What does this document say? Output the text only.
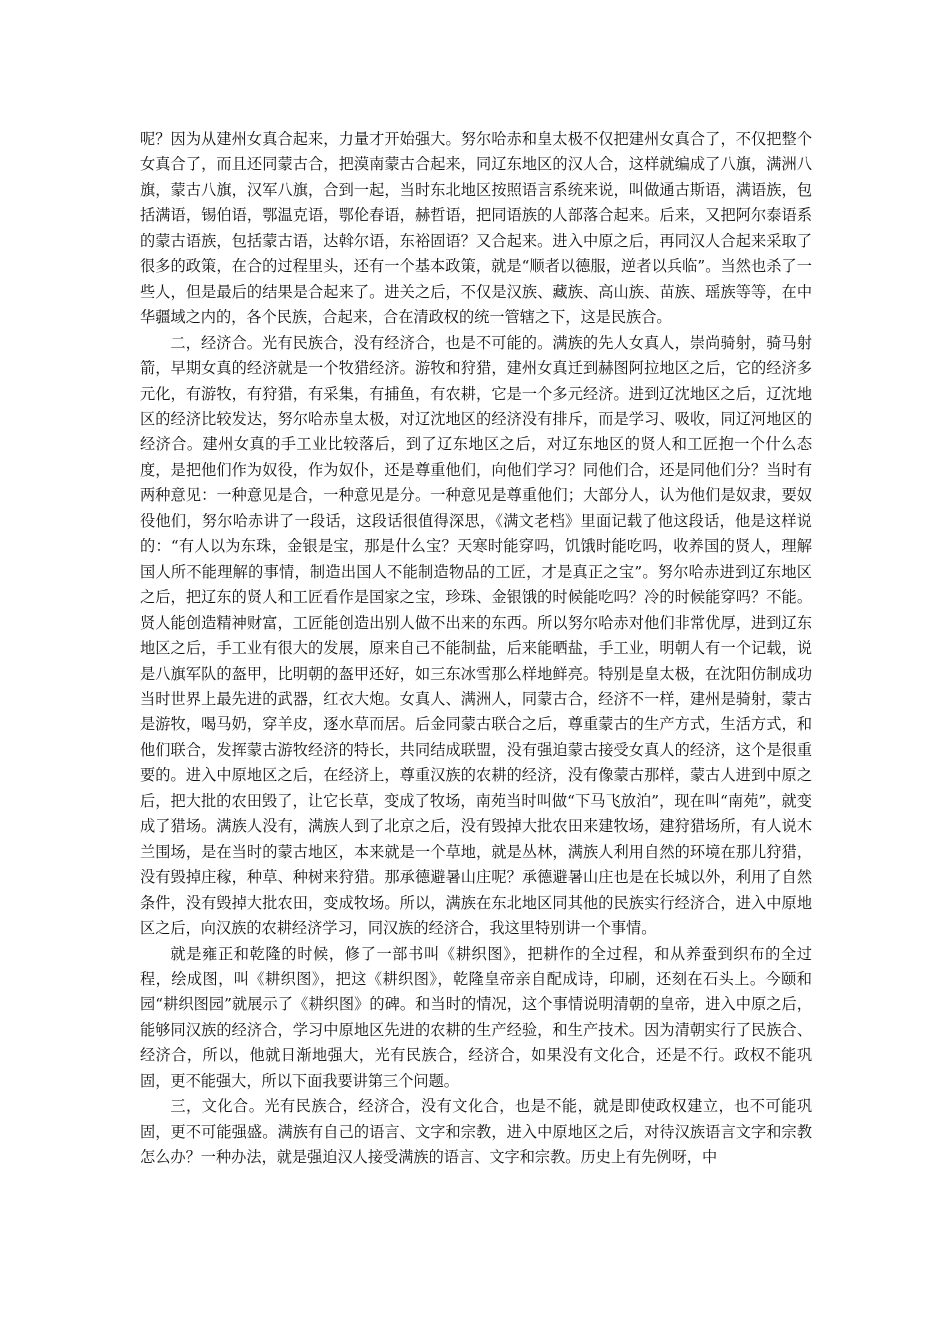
呢？因为从建州女真合起来，力量才开始强大。努尔哈赤和皇太极不仅把建州女真合了，不仅把整个女真合了，而且还同蒙古合，把漠南蒙古合起来，同辽东地区的汉人合，这样就编成了八旗，满洲八旗，蒙古八旗，汉军八旗，合到一起，当时东北地区按照语言系统来说，叫做通古斯语，满语族，包括满语，锡伯语，鄂温克语，鄂伦春语，赫哲语，把同语族的人部落合起来。后来，又把阿尔泰语系的蒙古语族，包括蒙古语，达斡尔语，东裕固语？又合起来。进入中原之后，再同汉人合起来采取了很多的政策，在合的过程里头，还有一个基本政策，就是“顺者以德服，逆者以兵临”。当然也杀了一些人，但是最后的结果是合起来了。进关之后，不仅是汉族、藏族、高山族、苗族、瑶族等等，在中华疆域之内的，各个民族，合起来，合在清政权的统一管辖之下，这是民族合。

二，经济合。光有民族合，没有经济合，也是不可能的。满族的先人女真人，崇尚骑射，骑马射箭，早期女真的经济就是一个牧猎经济。游牧和狩猎，建州女真迁到赫图阿拉地区之后，它的经济多元化，有游牧，有狩猎，有采集，有捕鱼，有农耕，它是一个多元经济。进到辽沈地区之后，辽沈地区的经济比较发达，努尔哈赤皇太极，对辽沈地区的经济没有排斥，而是学习、吸收，同辽河地区的经济合。建州女真的手工业比较落后，到了辽东地区之后，对辽东地区的贤人和工匠抱一个什么态度，是把他们作为奴役，作为奴仆，还是尊重他们，向他们学习？同他们合，还是同他们分？当时有两种意见：一种意见是合，一种意见是分。一种意见是尊重他们；大部分人，认为他们是奴隶，要奴役他们，努尔哈赤讲了一段话，这段话很值得深思，《满文老档》里面记载了他这段话，他是这样说的：“有人以为东珠，金银是宝，那是什么宝？天寒时能穿吗，饥饿时能吃吗，收养国的贤人，理解国人所不能理解的事情，制造出国人不能制造物品的工匠，才是真正之宝”。努尔哈赤进到辽东地区之后，把辽东的贤人和工匠看作是国家之宝，珍珠、金银饿的时候能吃吗？冷的时候能穿吗？不能。贤人能创造精神财富，工匠能创造出别人做不出来的东西。所以努尔哈赤对他们非常优厚，进到辽东地区之后，手工业有很大的发展，原来自己不能制盐，后来能晒盐，手工业，明朝人有一个记载，说是八旗军队的盔甲，比明朝的盔甲还好，如三东冰雪那么样地鲜亮。特别是皇太极，在沈阳仿制成功当时世界上最先进的武器，红衣大炮。女真人、满洲人，同蒙古合，经济不一样，建州是骑射，蒙古是游牧，喝马奶，穿羊皮，逐水草而居。后金同蒙古联合之后，尊重蒙古的生产方式，生活方式，和他们联合，发挥蒙古游牧经济的特长，共同结成联盟，没有强迫蒙古接受女真人的经济，这个是很重要的。进入中原地区之后，在经济上，尊重汉族的农耕的经济，没有像蒙古那样，蒙古人进到中原之后，把大批的农田毁了，让它长草，变成了牧场，南苑当时叫做“下马飞放泊”，现在叫“南苑”，就变成了猎场。满族人没有，满族人到了北京之后，没有毁掉大批农田来建牧场，建狩猎场所，有人说木兰围场，是在当时的蒙古地区，本来就是一个草地，就是丛林，满族人利用自然的环境在那儿狩猎，没有毁掉庄稼，种草、种树来狩猎。那承德避暑山庄呢？承德避暑山庄也是在长城以外，利用了自然条件，没有毁掉大批农田，变成牧场。所以，满族在东北地区同其他的民族实行经济合，进入中原地区之后，向汉族的农耕经济学习，同汉族的经济合，我这里特别讲一个事情。

就是雍正和乾隆的时候，修了一部书叫《耕织图》，把耕作的全过程，和从养蚕到织布的全过程，绘成图，叫《耕织图》，把这《耕织图》，乾隆皇帝亲自配成诗，印刷，还刻在石头上。今颐和园“耕织图园”就展示了《耕织图》的碑。和当时的情况，这个事情说明清朝的皇帝，进入中原之后，能够同汉族的经济合，学习中原地区先进的农耕的生产经验，和生产技术。因为清朝实行了民族合、经济合，所以，他就日渐地强大，光有民族合，经济合，如果没有文化合，还是不行。政权不能巩固，更不能强大，所以下面我要讲第三个问题。

三，文化合。光有民族合，经济合，没有文化合，也是不能，就是即使政权建立，也不可能巩固，更不可能强盛。满族有自己的语言、文字和宗教，进入中原地区之后，对待汉族语言文字和宗教怎么办？一种办法，就是强迫汉人接受满族的语言、文字和宗教。历史上有先例呀，中
